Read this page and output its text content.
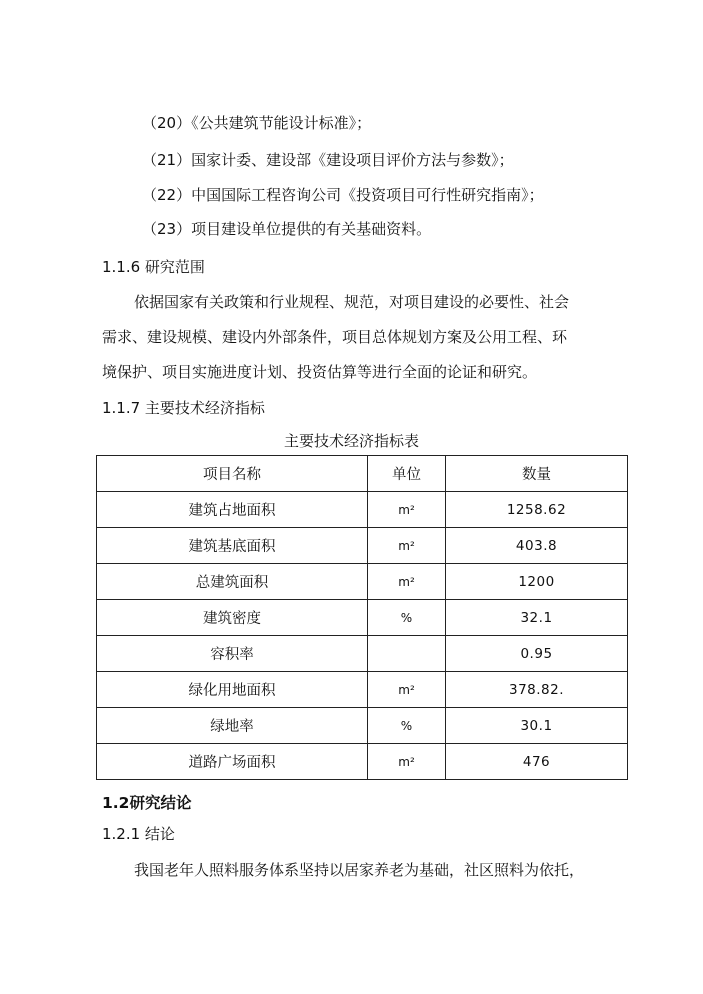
（20）《公共建筑节能设计标准》；
（21）国家计委、建设部《建设项目评价方法与参数》；
（22）中国国际工程咨询公司《投资项目可行性研究指南》；
（23）项目建设单位提供的有关基础资料。
1.1.6 研究范围
依据国家有关政策和行业规程、规范，对项目建设的必要性、社会
需求、建设规模、建设内外部条件，项目总体规划方案及公用工程、环
境保护、项目实施进度计划、投资估算等进行全面的论证和研究。
1.1.7 主要技术经济指标
主要技术经济指标表
项目名称	单位	数量
建筑占地面积	m²	1258.62
建筑基底面积	m²	403.8
总建筑面积	m²	1200
建筑密度	%	32.1
容积率		0.95
绿化用地面积	m²	378.82.
绿地率	%	30.1
道路广场面积	m²	476
1.2研究结论
1.2.1 结论
我国老年人照料服务体系坚持以居家养老为基础，社区照料为依托，
